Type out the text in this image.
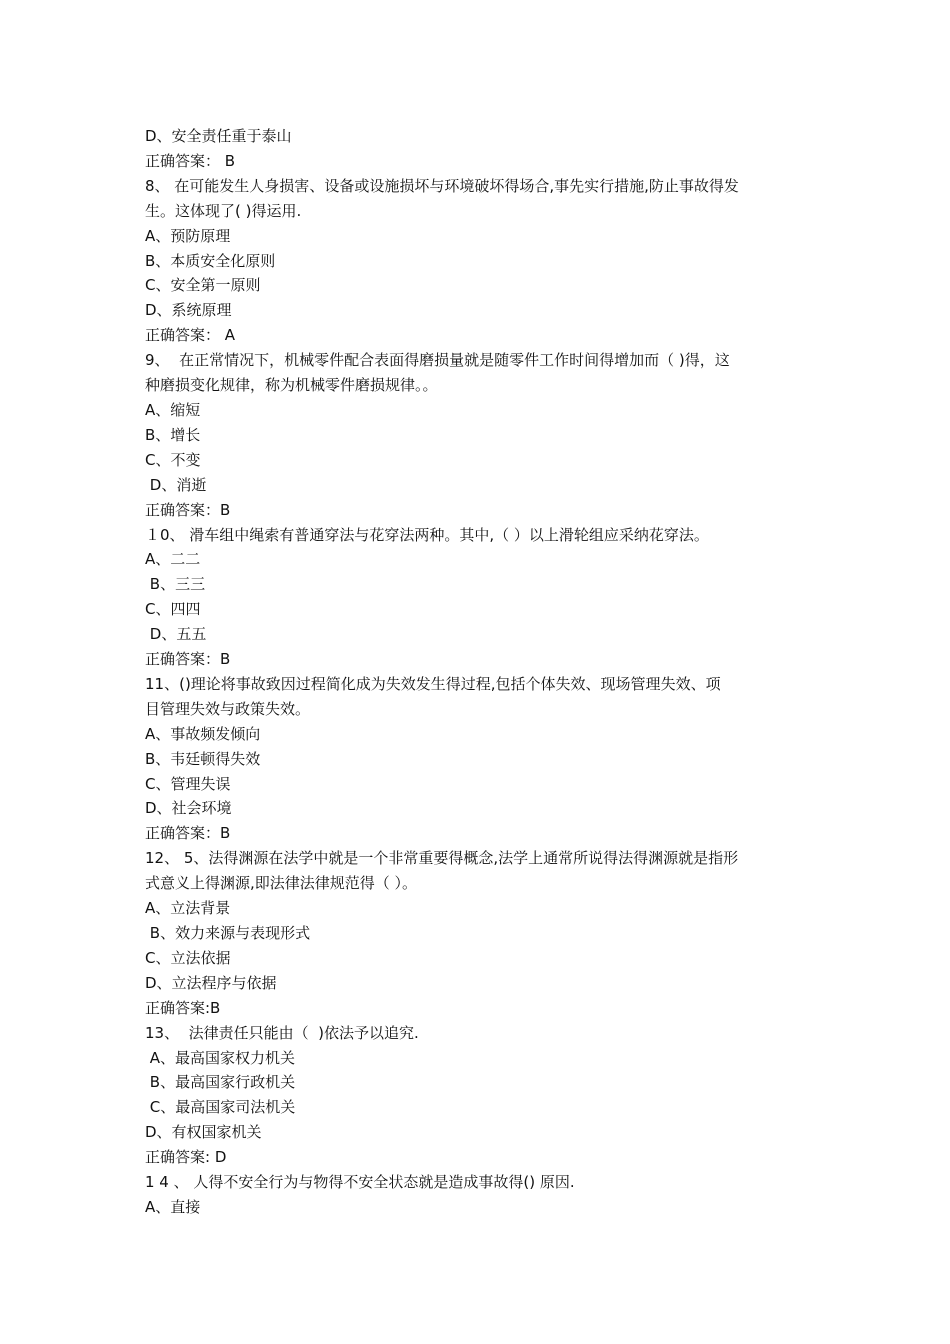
D、安全责任重于泰山

正确答案： B

8、 在可能发生人身损害、设备或设施损坏与环境破坏得场合,事先实行措施,防止事故得发

生。这体现了( )得运用.

A、预防原理

B、本质安全化原则

C、安全第一原则

D、系统原理

正确答案： A

9、  在正常情况下，机械零件配合表面得磨损量就是随零件工作时间得增加而（ )得，这

种磨损变化规律，称为机械零件磨损规律。。

A、缩短

B、增长

C、不变

D、消逝

正确答案：B

１0、 滑车组中绳索有普通穿法与花穿法两种。其中,（ ）以上滑轮组应采纳花穿法。

A、二二

B、三三

C、四四

D、五五

正确答案：B

11、()理论将事故致因过程简化成为失效发生得过程,包括个体失效、现场管理失效、项

目管理失效与政策失效。

A、事故频发倾向

B、韦廷顿得失效

C、管理失误

D、社会环境

正确答案：B

12、 5、法得渊源在法学中就是一个非常重要得概念,法学上通常所说得法得渊源就是指形

式意义上得渊源,即法律法律规范得（ ）。

A、立法背景

B、效力来源与表现形式

C、立法依据

D、立法程序与依据

正确答案:B

13、  法律责任只能由（  )依法予以追究.

A、最高国家权力机关

B、最高国家行政机关

C、最高国家司法机关

D、有权国家机关

正确答案: D

1 4 、 人得不安全行为与物得不安全状态就是造成事故得() 原因.

A、直接
